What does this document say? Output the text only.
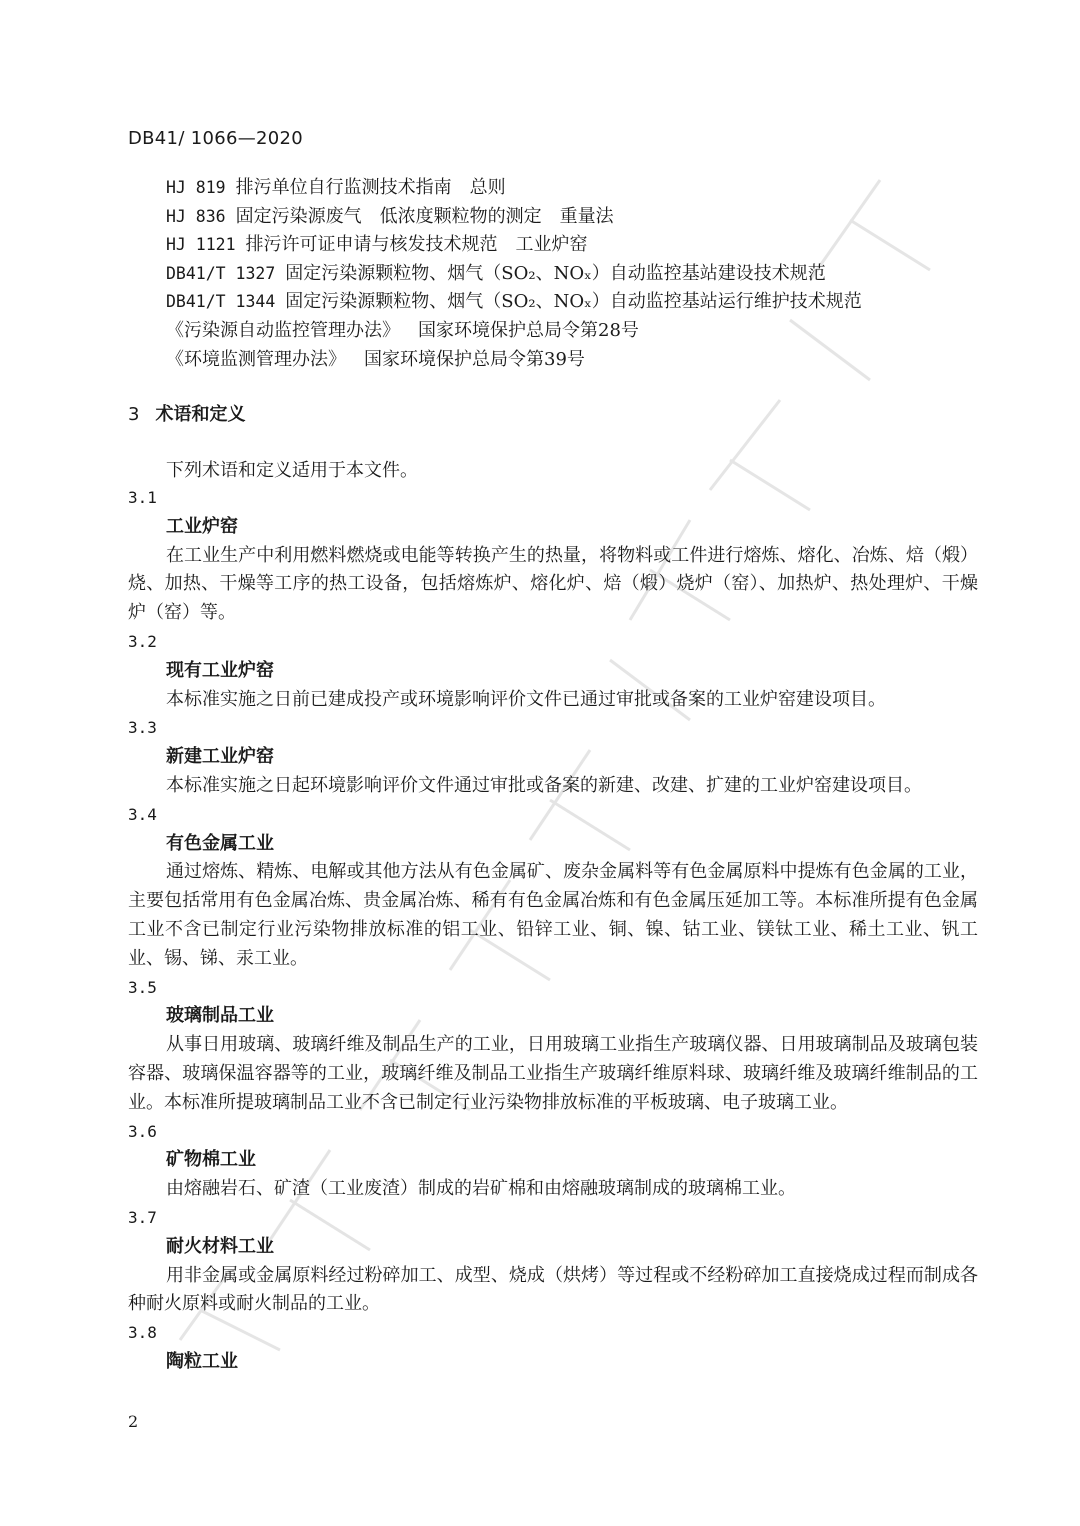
DB41/ 1066—2020
HJ 819 排污单位自行监测技术指南 总则
HJ 836 固定污染源废气 低浓度颗粒物的测定 重量法
HJ 1121 排污许可证申请与核发技术规范 工业炉窑
DB41/T 1327 固定污染源颗粒物、烟气（SO₂、NOₓ）自动监控基站建设技术规范
DB41/T 1344 固定污染源颗粒物、烟气（SO₂、NOₓ）自动监控基站运行维护技术规范
《污染源自动监控管理办法》 国家环境保护总局令第28号
《环境监测管理办法》 国家环境保护总局令第39号
3 术语和定义
下列术语和定义适用于本文件。
3.1
工业炉窑

在工业生产中利用燃料燃烧或电能等转换产生的热量，将物料或工件进行熔炼、熔化、冶炼、焙（煅）烧、加热、干燥等工序的热工设备，包括熔炼炉、熔化炉、焙（煅）烧炉（窑）、加热炉、热处理炉、干燥炉（窑）等。

3.2
现有工业炉窑

本标准实施之日前已建成投产或环境影响评价文件已通过审批或备案的工业炉窑建设项目。

3.3
新建工业炉窑

本标准实施之日起环境影响评价文件通过审批或备案的新建、改建、扩建的工业炉窑建设项目。

3.4
有色金属工业

通过熔炼、精炼、电解或其他方法从有色金属矿、废杂金属料等有色金属原料中提炼有色金属的工业，主要包括常用有色金属冶炼、贵金属冶炼、稀有有色金属冶炼和有色金属压延加工等。本标准所提有色金属工业不含已制定行业污染物排放标准的铝工业、铅锌工业、铜、镍、钴工业、镁钛工业、稀土工业、钒工业、锡、锑、汞工业。

3.5
玻璃制品工业

从事日用玻璃、玻璃纤维及制品生产的工业，日用玻璃工业指生产玻璃仪器、日用玻璃制品及玻璃包装容器、玻璃保温容器等的工业，玻璃纤维及制品工业指生产玻璃纤维原料球、玻璃纤维及玻璃纤维制品的工业。本标准所提玻璃制品工业不含已制定行业污染物排放标准的平板玻璃、电子玻璃工业。

3.6
矿物棉工业

由熔融岩石、矿渣（工业废渣）制成的岩矿棉和由熔融玻璃制成的玻璃棉工业。

3.7
耐火材料工业

用非金属或金属原料经过粉碎加工、成型、烧成（烘烤）等过程或不经粉碎加工直接烧成过程而制成各种耐火原料或耐火制品的工业。

3.8
陶粒工业
2
